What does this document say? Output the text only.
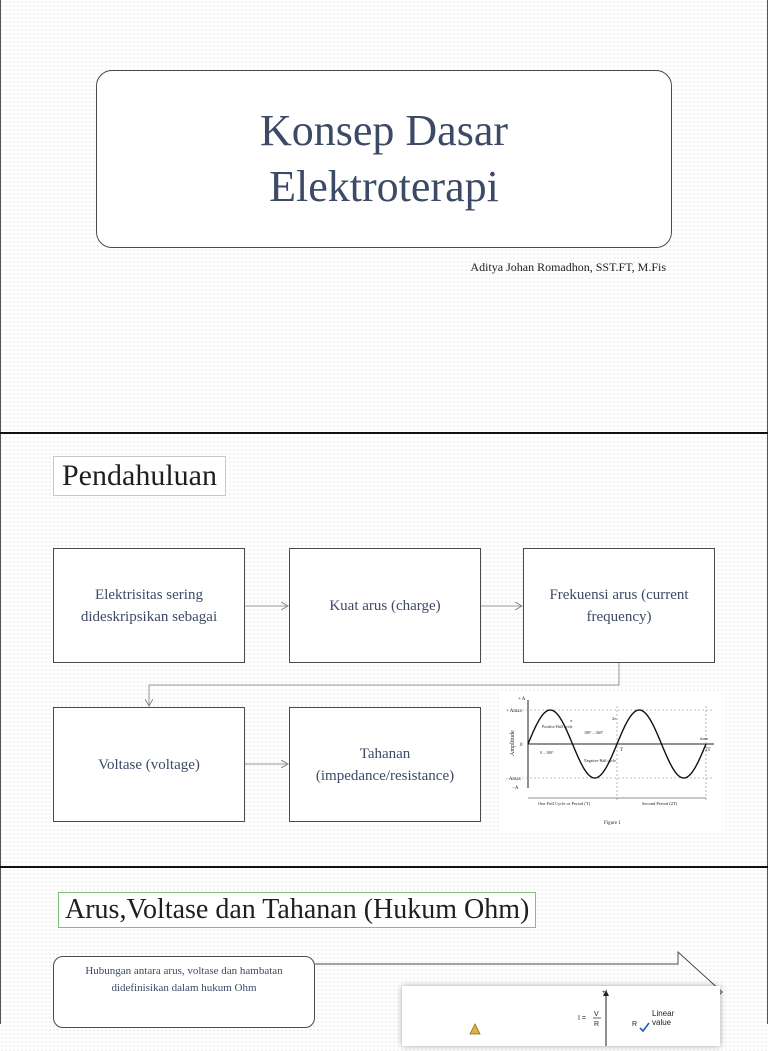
Konsep Dasar Elektroterapi
Aditya Johan Romadhon, SST.FT, M.Fis
Pendahuluan
Elektrisitas sering dideskripsikan sebagai
Kuat arus (charge)
Frekuensi arus (current frequency)
Voltase (voltage)
Tahanan (impedance/resistance)
+ A
+ Amax
0
−Amax
−A
Amplitude
π	2π
T	2T
time
Positive Half cycle
Negative Half cycle
0 – 180°
180° – 360°
One Full Cycle or Period (T)	Second Period (2T)
Figure 1
Arus,Voltase dan Tahanan (Hukum Ohm)
Hubungan antara arus, voltase dan hambatan didefinisikan dalam hukum Ohm	+I
I =
V
R	R
Linear
value
